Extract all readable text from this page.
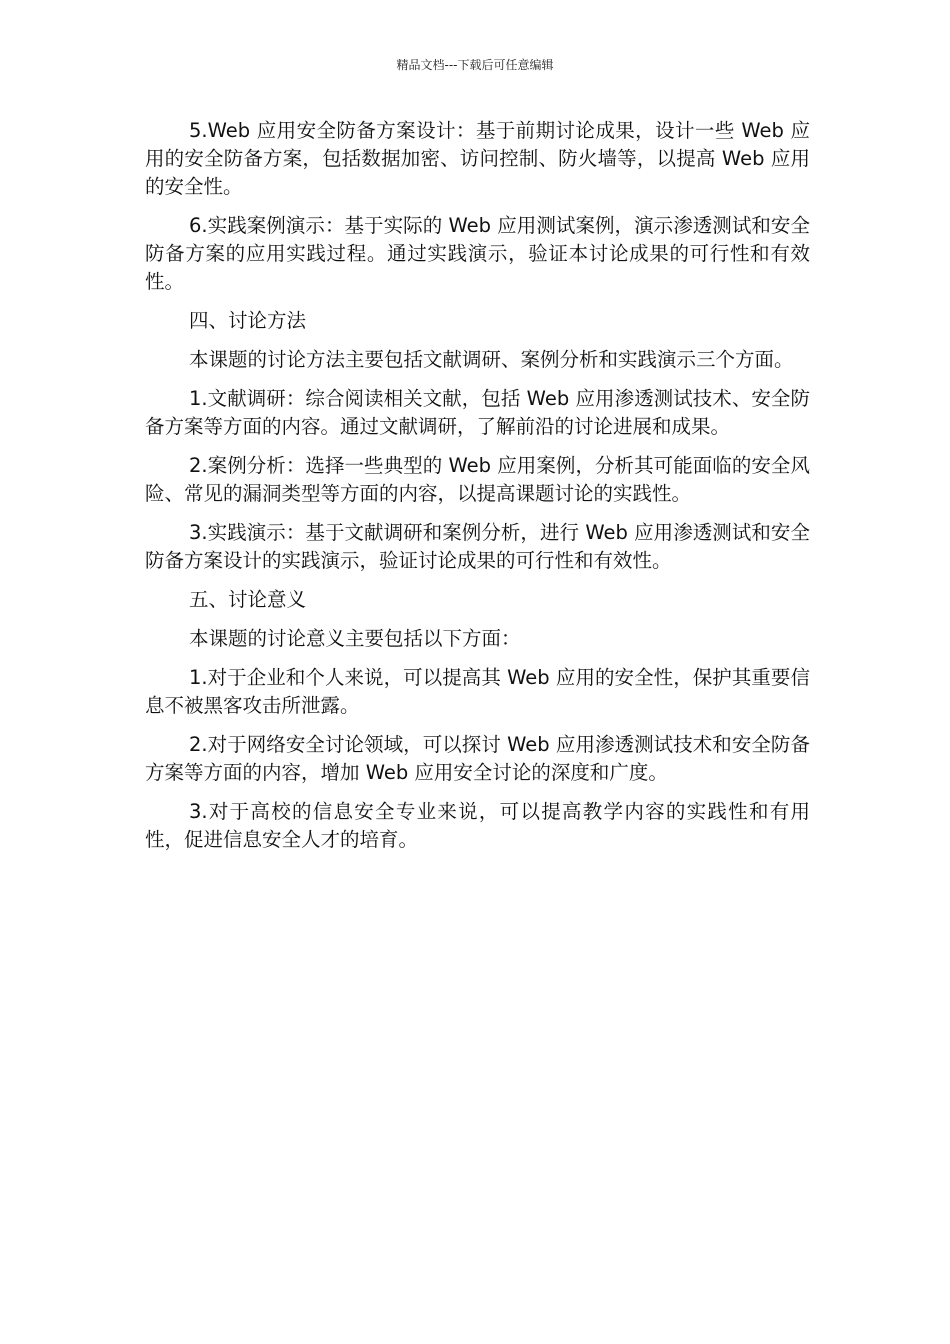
精品文档---下载后可任意编辑

5.Web 应用安全防备方案设计：基于前期讨论成果，设计一些 Web 应用的安全防备方案，包括数据加密、访问控制、防火墙等，以提高 Web 应用的安全性。

6.实践案例演示：基于实际的 Web 应用测试案例，演示渗透测试和安全防备方案的应用实践过程。通过实践演示，验证本讨论成果的可行性和有效性。

四、讨论方法

本课题的讨论方法主要包括文献调研、案例分析和实践演示三个方面。

1.文献调研：综合阅读相关文献，包括 Web 应用渗透测试技术、安全防备方案等方面的内容。通过文献调研，了解前沿的讨论进展和成果。

2.案例分析：选择一些典型的 Web 应用案例，分析其可能面临的安全风险、常见的漏洞类型等方面的内容，以提高课题讨论的实践性。

3.实践演示：基于文献调研和案例分析，进行 Web 应用渗透测试和安全防备方案设计的实践演示，验证讨论成果的可行性和有效性。

五、讨论意义

本课题的讨论意义主要包括以下方面：

1.对于企业和个人来说，可以提高其 Web 应用的安全性，保护其重要信息不被黑客攻击所泄露。

2.对于网络安全讨论领域，可以探讨 Web 应用渗透测试技术和安全防备方案等方面的内容，增加 Web 应用安全讨论的深度和广度。

3.对于高校的信息安全专业来说，可以提高教学内容的实践性和有用性，促进信息安全人才的培育。
